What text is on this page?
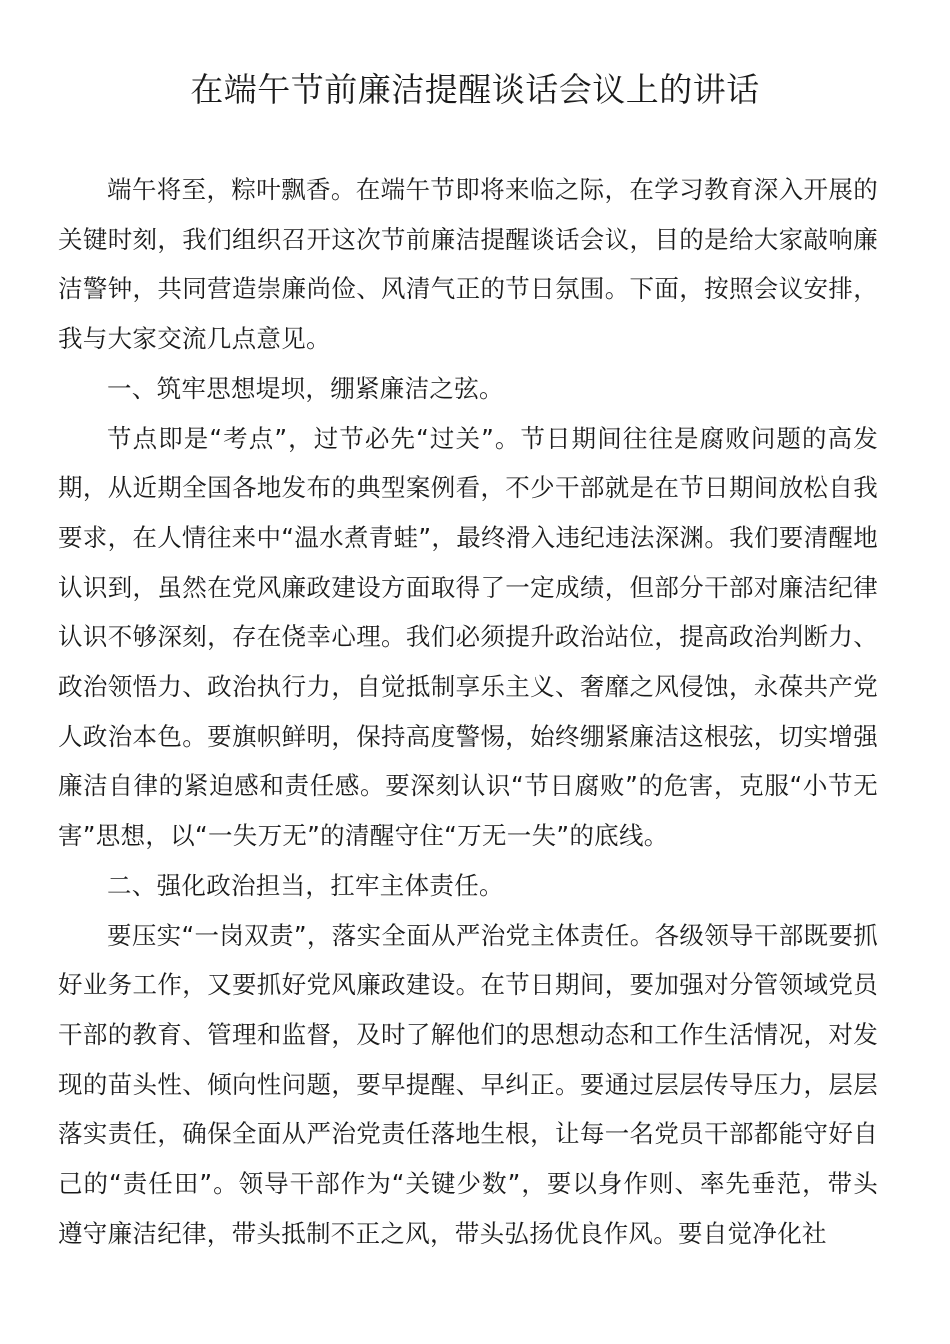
在端午节前廉洁提醒谈话会议上的讲话

端午将至，粽叶飘香。在端午节即将来临之际，在学习教育深入开展的关键时刻，我们组织召开这次节前廉洁提醒谈话会议，目的是给大家敲响廉洁警钟，共同营造崇廉尚俭、风清气正的节日氛围。下面，按照会议安排，我与大家交流几点意见。

一、筑牢思想堤坝，绷紧廉洁之弦。

节点即是“考点”，过节必先“过关”。节日期间往往是腐败问题的高发期，从近期全国各地发布的典型案例看，不少干部就是在节日期间放松自我要求，在人情往来中“温水煮青蛙”，最终滑入违纪违法深渊。我们要清醒地认识到，虽然在党风廉政建设方面取得了一定成绩，但部分干部对廉洁纪律认识不够深刻，存在侥幸心理。我们必须提升政治站位，提高政治判断力、政治领悟力、政治执行力，自觉抵制享乐主义、奢靡之风侵蚀，永葆共产党人政治本色。要旗帜鲜明，保持高度警惕，始终绷紧廉洁这根弦，切实增强廉洁自律的紧迫感和责任感。要深刻认识“节日腐败”的危害，克服“小节无害”思想，以“一失万无”的清醒守住“万无一失”的底线。

二、强化政治担当，扛牢主体责任。

要压实“一岗双责”，落实全面从严治党主体责任。各级领导干部既要抓好业务工作，又要抓好党风廉政建设。在节日期间，要加强对分管领域党员干部的教育、管理和监督，及时了解他们的思想动态和工作生活情况，对发现的苗头性、倾向性问题，要早提醒、早纠正。要通过层层传导压力，层层落实责任，确保全面从严治党责任落地生根，让每一名党员干部都能守好自己的“责任田”。领导干部作为“关键少数”，要以身作则、率先垂范，带头遵守廉洁纪律，带头抵制不正之风，带头弘扬优良作风。要自觉净化社
